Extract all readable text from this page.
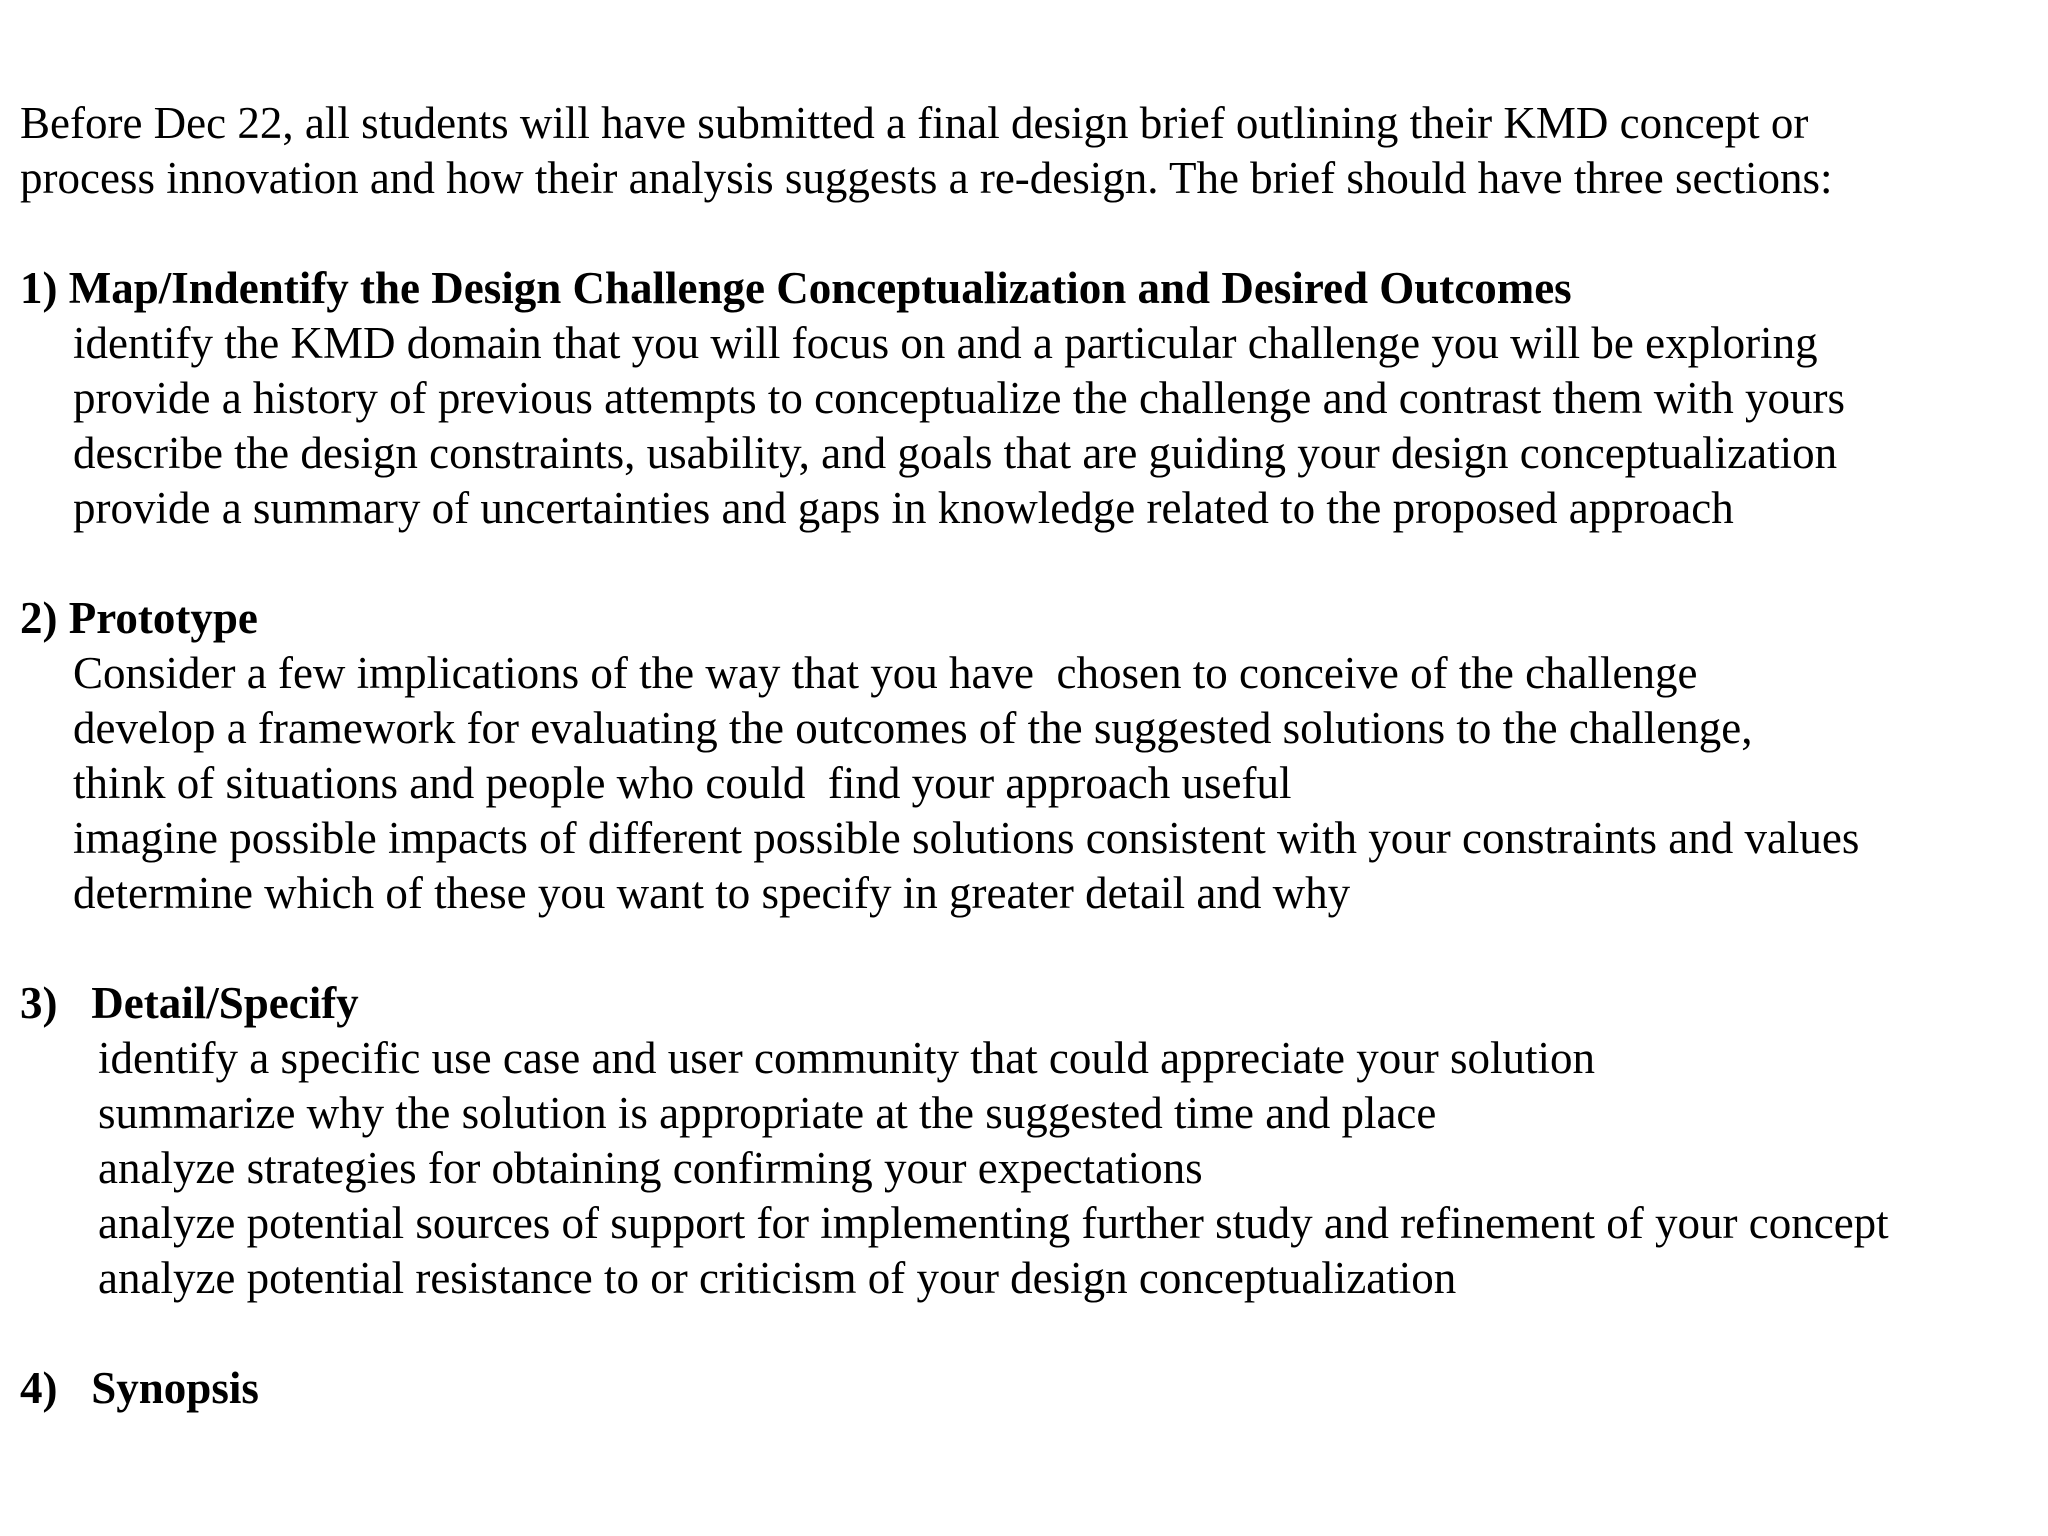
Before Dec 22, all students will have submitted a final design brief outlining their KMD concept or
process innovation and how their analysis suggests a re-design. The brief should have three sections:

1) Map/Indentify the Design Challenge Conceptualization and Desired Outcomes
identify the KMD domain that you will focus on and a particular challenge you will be exploring
provide a history of previous attempts to conceptualize the challenge and contrast them with yours
describe the design constraints, usability, and goals that are guiding your design conceptualization
provide a summary of uncertainties and gaps in knowledge related to the proposed approach
2) Prototype
Consider a few implications of the way that you have  chosen to conceive of the challenge
develop a framework for evaluating the outcomes of the suggested solutions to the challenge,
think of situations and people who could  find your approach useful
imagine possible impacts of different possible solutions consistent with your constraints and values
determine which of these you want to specify in greater detail and why
3)   Detail/Specify
identify a specific use case and user community that could appreciate your solution
summarize why the solution is appropriate at the suggested time and place
analyze strategies for obtaining confirming your expectations
analyze potential sources of support for implementing further study and refinement of your concept
analyze potential resistance to or criticism of your design conceptualization
4)   Synopsis
